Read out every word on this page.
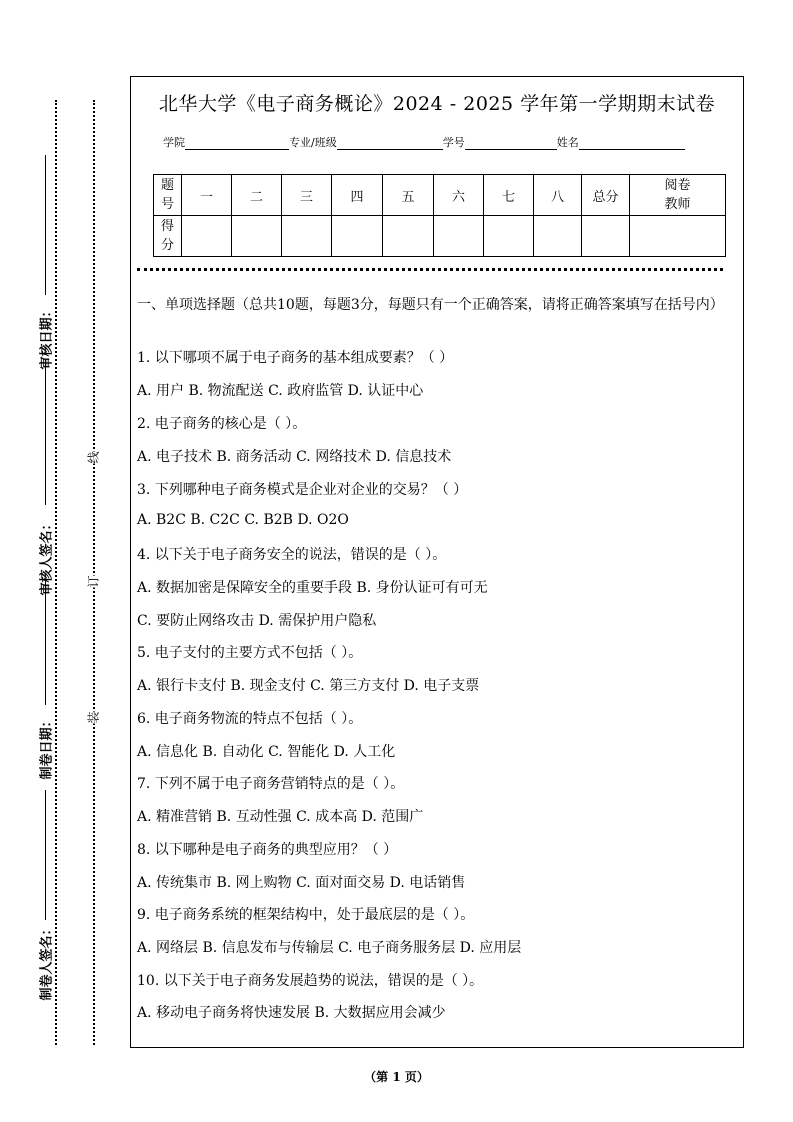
审核日期：
审核人签名：
制卷日期：
制卷人签名：
线
订
装
北华大学《电子商务概论》2024 - 2025 学年第一学期期末试卷
学院	专业/班级	学号	姓名
题号	一	二	三	四	五	六	七	八	总分	阅卷教师
得分										
一、单项选择题（总共10题，每题3分，每题只有一个正确答案，请将正确答案填写在括号内）
1. 以下哪项不属于电子商务的基本组成要素？（ ）
A. 用户 B. 物流配送 C. 政府监管 D. 认证中心
2. 电子商务的核心是（ ）。
A. 电子技术 B. 商务活动 C. 网络技术 D. 信息技术
3. 下列哪种电子商务模式是企业对企业的交易？（ ）
A. B2C B. C2C C. B2B D. O2O
4. 以下关于电子商务安全的说法，错误的是（ ）。
A. 数据加密是保障安全的重要手段 B. 身份认证可有可无
C. 要防止网络攻击 D. 需保护用户隐私
5. 电子支付的主要方式不包括（ ）。
A. 银行卡支付 B. 现金支付 C. 第三方支付 D. 电子支票
6. 电子商务物流的特点不包括（ ）。
A. 信息化 B. 自动化 C. 智能化 D. 人工化
7. 下列不属于电子商务营销特点的是（ ）。
A. 精准营销 B. 互动性强 C. 成本高 D. 范围广
8. 以下哪种是电子商务的典型应用？（ ）
A. 传统集市 B. 网上购物 C. 面对面交易 D. 电话销售
9. 电子商务系统的框架结构中，处于最底层的是（ ）。
A. 网络层 B. 信息发布与传输层 C. 电子商务服务层 D. 应用层
10. 以下关于电子商务发展趋势的说法，错误的是（ ）。
A. 移动电子商务将快速发展 B. 大数据应用会减少
（第 1 页）
